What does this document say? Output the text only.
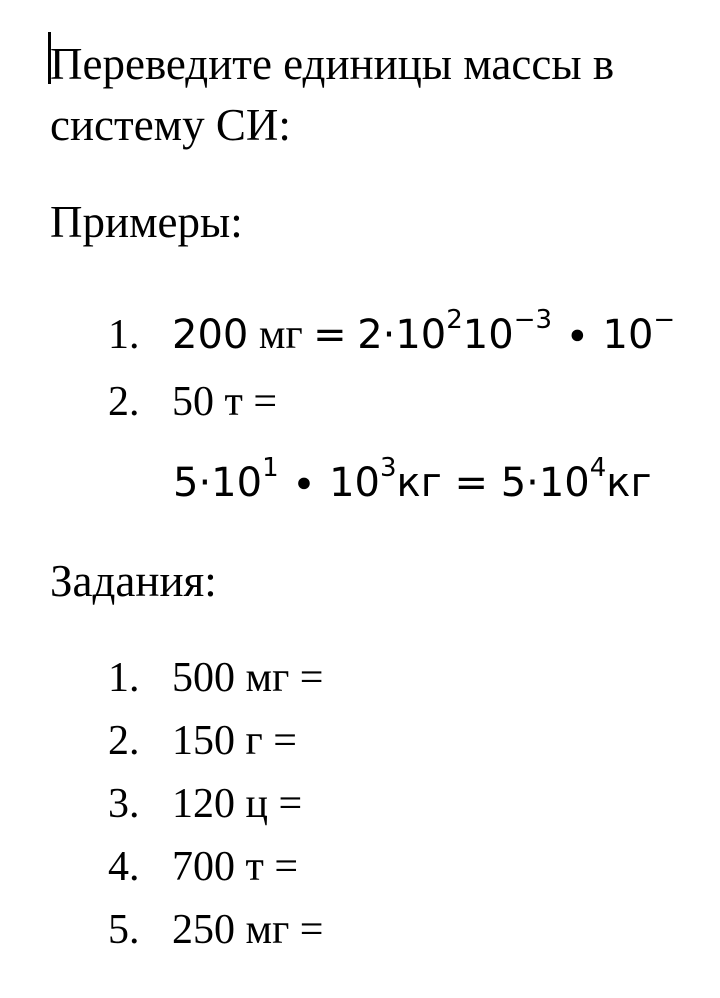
Переведите единицы массы в систему СИ:
Примеры:
1. 200 мг = $2\cdot 10^210^{-3} \cdot 10^-$
2. 50 т =
$5\cdot 10^1 \cdot 10^3кг = 5\cdot 10^4кг$
Задания:
1. 500 мг =
2. 150 г =
3. 120 ц =
4. 700 т =
5. 250 мг =
